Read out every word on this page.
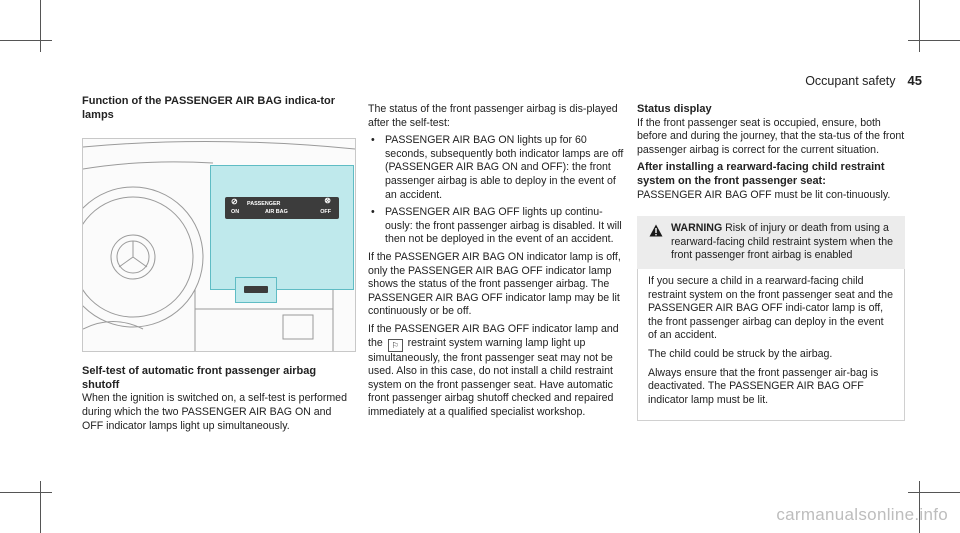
Occupant safety 45
Function of the PASSENGER AIR BAG indica-tor lamps
⊘ PASSENGER	⊗
ON	AIR BAG	OFF
Self-test of automatic front passenger airbag shutoff

When the ignition is switched on, a self-test is performed during which the two PASSENGER AIR BAG ON and OFF indicator lamps light up simultaneously.

The status of the front passenger airbag is dis-played after the self-test:

• PASSENGER AIR BAG ON lights up for 60 seconds, subsequently both indicator lamps are off (PASSENGER AIR BAG ON and OFF): the front passenger airbag is able to deploy in the event of an accident.
• PASSENGER AIR BAG OFF lights up continu-ously: the front passenger airbag is disabled. It will then not be deployed in the event of an accident.

If the PASSENGER AIR BAG ON indicator lamp is off, only the PASSENGER AIR BAG OFF indicator lamp shows the status of the front passenger airbag. The PASSENGER AIR BAG OFF indicator lamp may be lit continuously or be off.

If the PASSENGER AIR BAG OFF indicator lamp and the ⚐ restraint system warning lamp light up simultaneously, the front passenger seat may not be used. Also in this case, do not install a child restraint system on the front passenger seat. Have automatic front passenger airbag shutoff checked and repaired immediately at a qualified specialist workshop.

Status display

If the front passenger seat is occupied, ensure, both before and during the journey, that the sta-tus of the front passenger airbag is correct for the current situation.

After installing a rearward-facing child restraint system on the front passenger seat:

PASSENGER AIR BAG OFF must be lit con-tinuously.

WARNING Risk of injury or death from using a rearward-facing child restraint system when the front passenger front airbag is enabled

If you secure a child in a rearward-facing child restraint system on the front passenger seat and the PASSENGER AIR BAG OFF indi-cator lamp is off, the front passenger airbag can deploy in the event of an accident.

The child could be struck by the airbag.

Always ensure that the front passenger air-bag is deactivated. The PASSENGER AIR BAG OFF indicator lamp must be lit.

carmanualsonline.info
